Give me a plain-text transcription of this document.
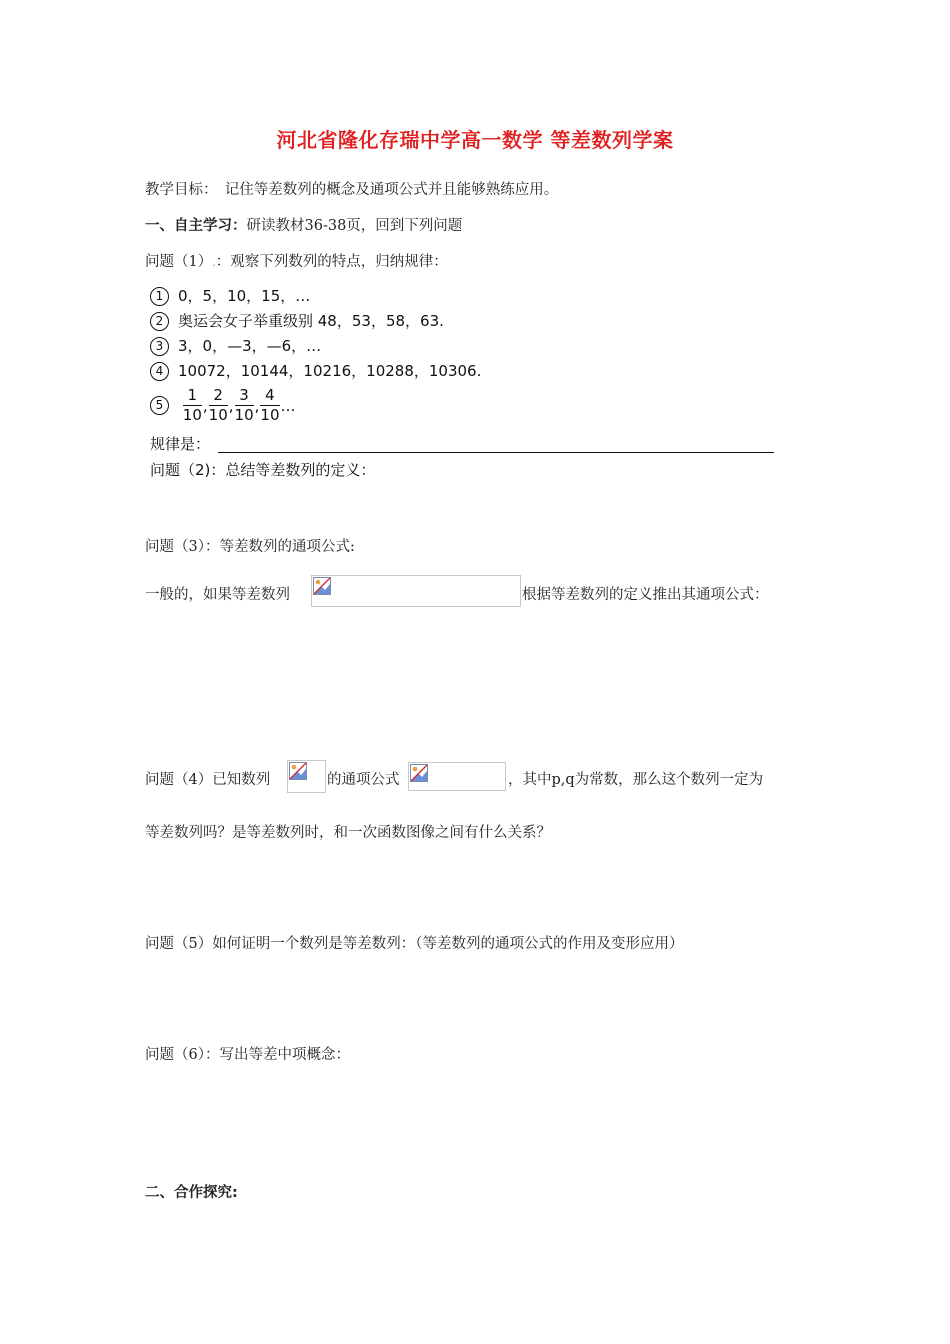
河北省隆化存瑞中学高一数学 等差数列学案
教学目标：　记住等差数列的概念及通项公式并且能够熟练应用。
一、自主学习：研读教材36-38页，回到下列问题
问题（1）.：观察下列数列的特点，归纳规律：
1 0，5，10，15，…
2 奥运会女子举重级别 48，53，58，63.
3 3，0，—3，—6，…
4 10072，10144，10216，10288，10306.
$5 \frac{1}{10}$ , $\frac{2}{10}$ , $\frac{3}{10}$ , $\frac{4}{10}$ …
规律是：
问题（2)：总结等差数列的定义：
问题（3）：等差数列的通项公式:
一般的，如果等差数列	根据等差数列的定义推出其通项公式：
问题（4）已知数列	的通项公式	，其中p,q为常数，那么这个数列一定为
等差数列吗？是等差数列时，和一次函数图像之间有什么关系？
问题（5）如何证明一个数列是等差数列：（等差数列的通项公式的作用及变形应用）
问题（6）：写出等差中项概念：
二、合作探究:
